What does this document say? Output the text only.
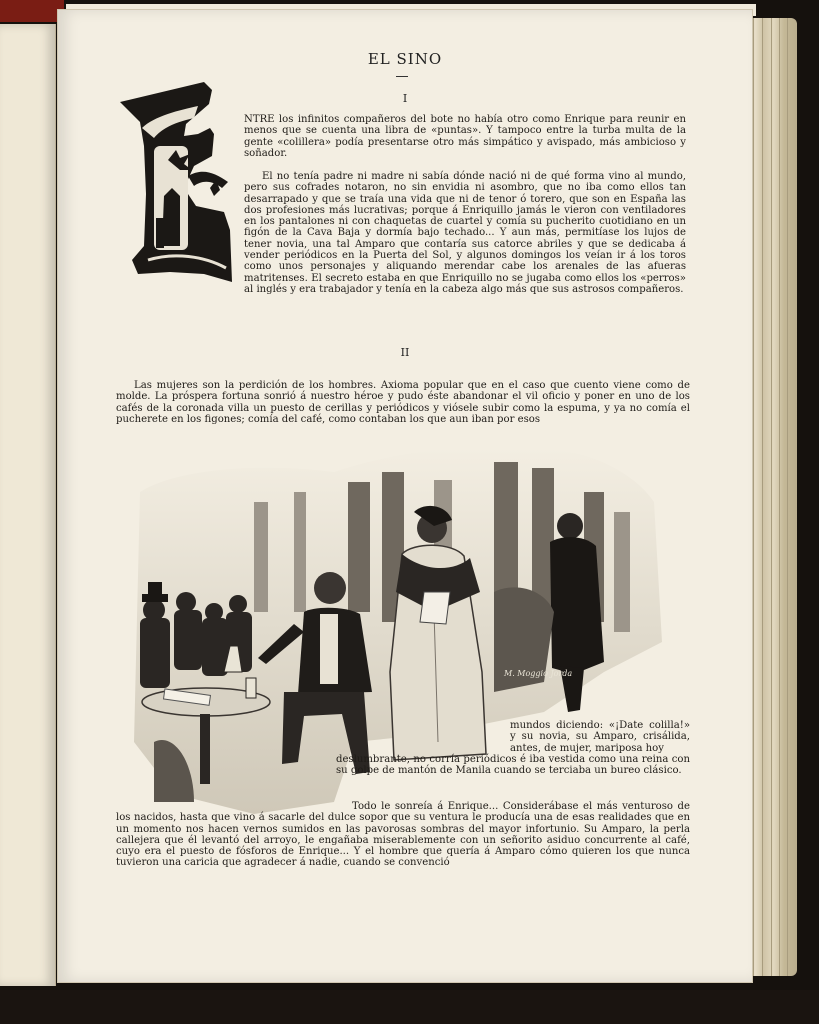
EL SINO
I

NTRE los infinitos compañeros del bote no había otro como Enrique para reunir en menos que se cuenta una libra de «puntas». Y tampoco entre la turba multa de la gente «colillera» podía presentarse otro más simpático y avispado, más ambicioso y soñador.

El no tenía padre ni madre ni sabía dónde nació ni de qué forma vino al mundo, pero sus cofrades notaron, no sin envidia ni asombro, que no iba como ellos tan desarrapado y que se traía una vida que ni de tenor ó torero, que son en España las dos profesiones más lucrativas; porque á Enriquillo jamás le vieron con ventiladores en los pantalones ni con chaquetas de cuartel y comía su pucherito cuotidiano en un figón de la Cava Baja y dormía bajo techado... Y aun más, permitíase los lujos de tener novia, una tal Amparo que contaría sus catorce abriles y que se dedicaba á vender periódicos en la Puerta del Sol, y algunos domingos los veían ir á los toros como unos personajes y aliquando merendar cabe los arenales de las afueras matritenses. El secreto estaba en que Enriquillo no se jugaba como ellos los «perros» al inglés y era trabajador y tenía en la cabeza algo más que sus astrosos compañeros.

II

Las mujeres son la perdición de los hombres. Axioma popular que en el caso que cuento viene como de molde. La próspera fortuna sonrió á nuestro héroe y pudo éste abandonar el vil oficio y poner en uno de los cafés de la coronada villa un puesto de cerillas y periódicos y viósele subir como la espuma, y ya no comía el pucherete en los figones; comía del café, como contaban los que aun iban por esos

M. Moggio Jorda

mundos diciendo: «¡Date colilla!» y su novia, su Amparo, crisálida, antes, de mujer, mariposa hoy

deslumbrante, no corría periódicos é iba vestida como una reina con su golpe de mantón de Manila cuando se terciaba un bureo clásico.

Todo le sonreía á Enrique... Considerábase el más venturoso de los nacidos, hasta que vino á sacarle del dulce sopor que su ventura le producía una de esas realidades que en un momento nos hacen vernos sumidos en las pavorosas sombras del mayor infortunio. Su Amparo, la perla callejera que él levantó del arroyo, le engañaba miserablemente con un señorito asiduo concurrente al café, cuyo era el puesto de fósforos de Enrique... Y el hombre que quería á Amparo cómo quieren los que nunca tuvieron una caricia que agradecer á nadie, cuando se convenció
